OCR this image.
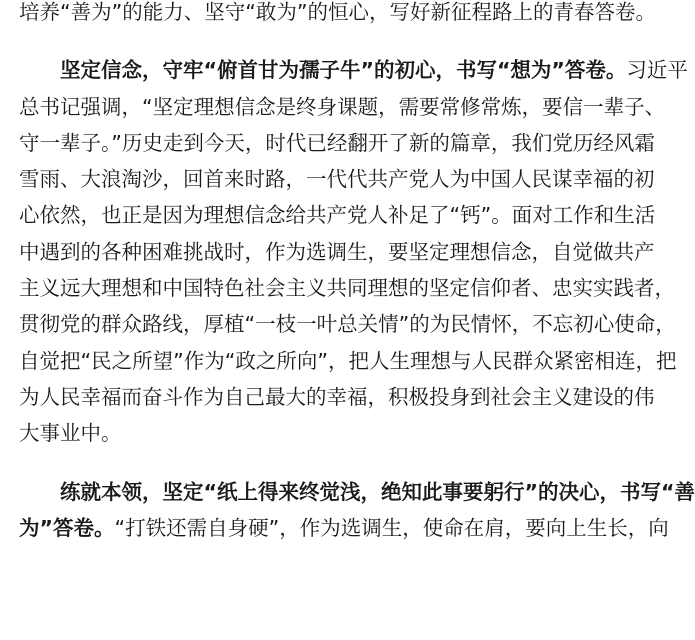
培养“善为”的能力、坚守“敢为”的恒心，写好新征程路上的青春答卷。
坚定信念，守牢“俯首甘为孺子牛”的初心，书写“想为”答卷。习近平
总书记强调，“坚定理想信念是终身课题，需要常修常炼，要信一辈子、
守一辈子。”历史走到今天，时代已经翻开了新的篇章，我们党历经风霜
雪雨、大浪淘沙，回首来时路，一代代共产党人为中国人民谋幸福的初
心依然，也正是因为理想信念给共产党人补足了“钙”。面对工作和生活
中遇到的各种困难挑战时，作为选调生，要坚定理想信念，自觉做共产
主义远大理想和中国特色社会主义共同理想的坚定信仰者、忠实实践者，
贯彻党的群众路线，厚植“一枝一叶总关情”的为民情怀，不忘初心使命，
自觉把“民之所望”作为“政之所向”，把人生理想与人民群众紧密相连，把
为人民幸福而奋斗作为自己最大的幸福，积极投身到社会主义建设的伟
大事业中。
练就本领，坚定“纸上得来终觉浅，绝知此事要躬行”的决心，书写“善
为”答卷。“打铁还需自身硬”，作为选调生，使命在肩，要向上生长，向
